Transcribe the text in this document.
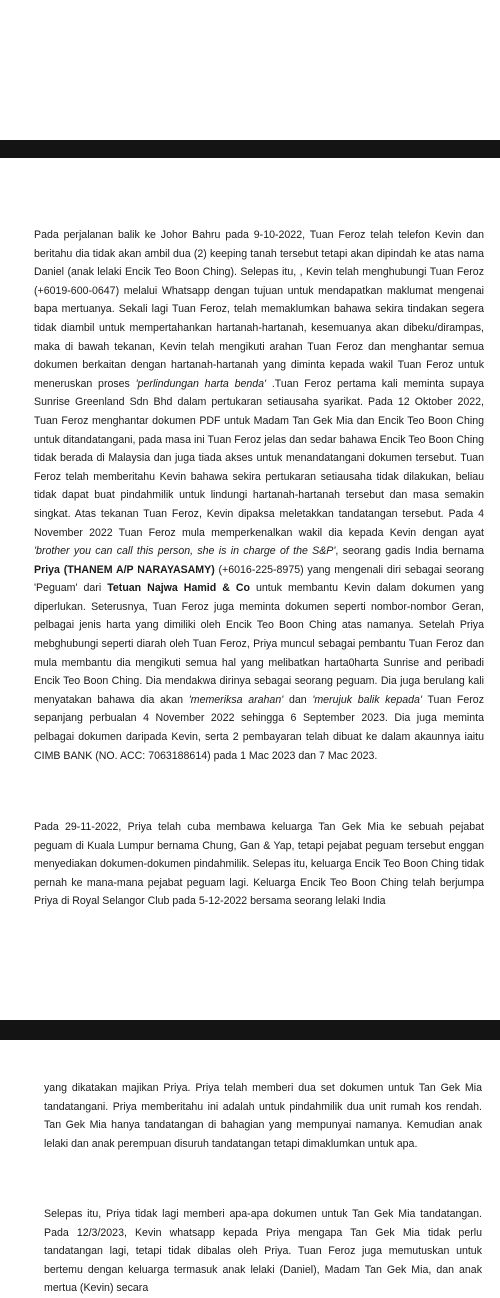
Pada perjalanan balik ke Johor Bahru pada 9-10-2022, Tuan Feroz telah telefon Kevin dan beritahu dia tidak akan ambil dua (2) keeping tanah tersebut tetapi akan dipindah ke atas nama Daniel (anak lelaki Encik Teo Boon Ching). Selepas itu, , Kevin telah menghubungi Tuan Feroz (+6019-600-0647) melalui Whatsapp dengan tujuan untuk mendapatkan maklumat mengenai bapa mertuanya. Sekali lagi Tuan Feroz, telah memaklumkan bahawa sekira tindakan segera tidak diambil untuk mempertahankan hartanah-hartanah, kesemuanya akan dibeku/dirampas, maka di bawah tekanan, Kevin telah mengikuti arahan Tuan Feroz dan menghantar semua dokumen berkaitan dengan hartanah-hartanah yang diminta kepada wakil Tuan Feroz untuk meneruskan proses 'perlindungan harta benda' .Tuan Feroz pertama kali meminta supaya Sunrise Greenland Sdn Bhd dalam pertukaran setiausaha syarikat. Pada 12 Oktober 2022, Tuan Feroz menghantar dokumen PDF untuk Madam Tan Gek Mia dan Encik Teo Boon Ching untuk ditandatangani, pada masa ini Tuan Feroz jelas dan sedar bahawa Encik Teo Boon Ching tidak berada di Malaysia dan juga tiada akses untuk menandatangani dokumen tersebut. Tuan Feroz telah memberitahu Kevin bahawa sekira pertukaran setiausaha tidak dilakukan, beliau tidak dapat buat pindahmilik untuk lindungi hartanah-hartanah tersebut dan masa semakin singkat. Atas tekanan Tuan Feroz, Kevin dipaksa meletakkan tandatangan tersebut. Pada 4 November 2022 Tuan Feroz mula memperkenalkan wakil dia kepada Kevin dengan ayat 'brother you can call this person, she is in charge of the S&P', seorang gadis India bernama Priya (THANEM A/P NARAYASAMY) (+6016-225-8975) yang mengenali diri sebagai seorang 'Peguam' dari Tetuan Najwa Hamid & Co untuk membantu Kevin dalam dokumen yang diperlukan. Seterusnya, Tuan Feroz juga meminta dokumen seperti nombor-nombor Geran, pelbagai jenis harta yang dimiliki oleh Encik Teo Boon Ching atas namanya. Setelah Priya mebghubungi seperti diarah oleh Tuan Feroz, Priya muncul sebagai pembantu Tuan Feroz dan mula membantu dia mengikuti semua hal yang melibatkan harta0harta Sunrise and peribadi Encik Teo Boon Ching. Dia mendakwa dirinya sebagai seorang peguam. Dia juga berulang kali menyatakan bahawa dia akan 'memeriksa arahan' dan 'merujuk balik kepada' Tuan Feroz sepanjang perbualan 4 November 2022 sehingga 6 September 2023. Dia juga meminta pelbagai dokumen daripada Kevin, serta 2 pembayaran telah dibuat ke dalam akaunnya iaitu CIMB BANK (NO. ACC: 7063188614) pada 1 Mac 2023 dan 7 Mac 2023.

Pada 29-11-2022, Priya telah cuba membawa keluarga Tan Gek Mia ke sebuah pejabat peguam di Kuala Lumpur bernama Chung, Gan & Yap, tetapi pejabat peguam tersebut enggan menyediakan dokumen-dokumen pindahmilik. Selepas itu, keluarga Encik Teo Boon Ching tidak pernah ke mana-mana pejabat peguam lagi. Keluarga Encik Teo Boon Ching telah berjumpa Priya di Royal Selangor Club pada 5-12-2022 bersama seorang lelaki India

yang dikatakan majikan Priya. Priya telah memberi dua set dokumen untuk Tan Gek Mia tandatangani. Priya memberitahu ini adalah untuk pindahmilik dua unit rumah kos rendah. Tan Gek Mia hanya tandatangan di bahagian yang mempunyai namanya. Kemudian anak lelaki dan anak perempuan disuruh tandatangan tetapi dimaklumkan untuk apa.

Selepas itu, Priya tidak lagi memberi apa-apa dokumen untuk Tan Gek Mia tandatangan. Pada 12/3/2023, Kevin whatsapp kepada Priya mengapa Tan Gek Mia tidak perlu tandatangan lagi, tetapi tidak dibalas oleh Priya. Tuan Feroz juga memutuskan untuk bertemu dengan keluarga termasuk anak lelaki (Daniel), Madam Tan Gek Mia, dan anak mertua (Kevin) secara
